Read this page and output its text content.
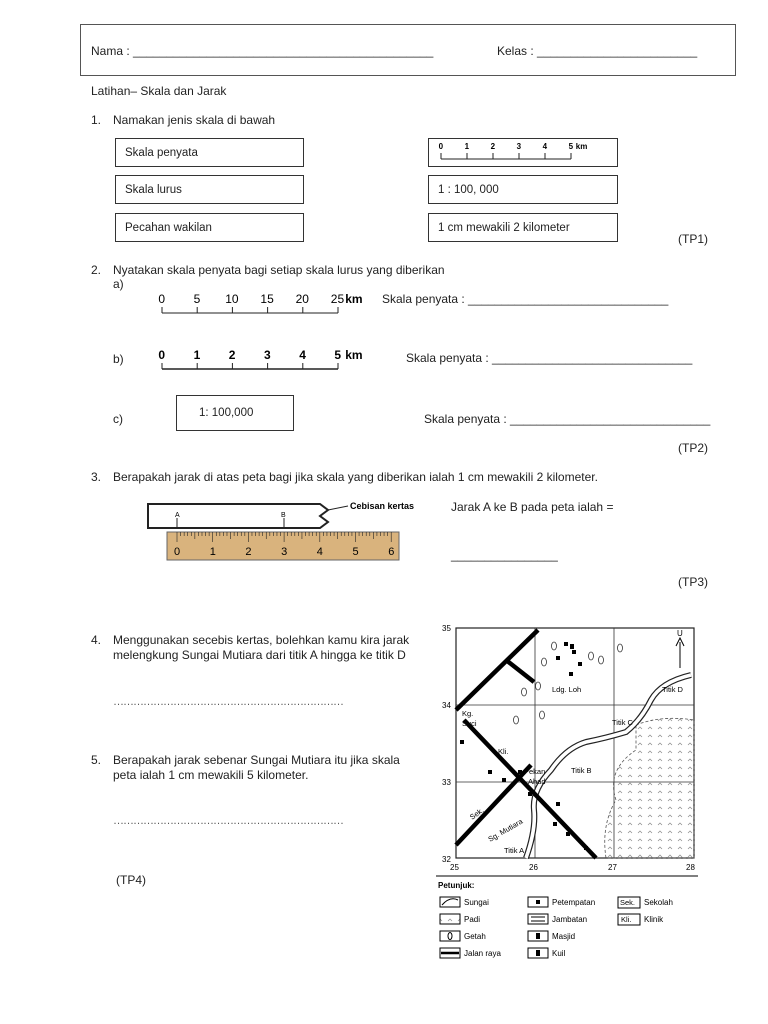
Nama : _____________________________________________	Kelas : ________________________
Latihan– Skala dan Jarak
1. Namakan jenis skala di bawah
Skala penyata
Skala lurus
Pecahan wakilan
0	1	2	3	4	5 km
1 : 100, 000
1 cm mewakili 2 kilometer
(TP1)
2. Nyatakan skala penyata bagi setiap skala lurus yang diberikan
a)
0 5 10 15 20 25 km Skala penyata : ______________________________
b)	0 1 2 3 4 5 km	Skala penyata : ______________________________
c)	1: 100,000	Skala penyata : ______________________________
(TP2)
3. Berapakah jarak di atas peta bagi jika skala yang diberikan ialah 1 cm mewakili 2 kilometer.
Cebisan kertas
A	B
0	1	2	3	4	5	6
Jarak A ke B pada peta ialah =
________________
(TP3)
4. Menggunakan secebis kertas, bolehkan kamu kira jarak
melengkung Sungai Mutiara dari titik A hingga ke titik D
……………………………………………………………
5. Berapakah jarak sebenar Sungai Mutiara itu jika skala
peta ialah 1 cm mewakili 5 kilometer.
……………………………………………………………
(TP4)
U
35
34
33
32
25	26	27	28
Ldg. Loh
Kg.
Suci
Kli.
Pekan
Ahad
Sek.
Sg. Mutiara
Titik A
Titik B
Titik C
Titik D
Petunjuk:
Sungai
Padi
Getah
Jalan raya
Petempatan
Jambatan
Masjid
Kuil
Sek. Sekolah
Kli. Klinik
